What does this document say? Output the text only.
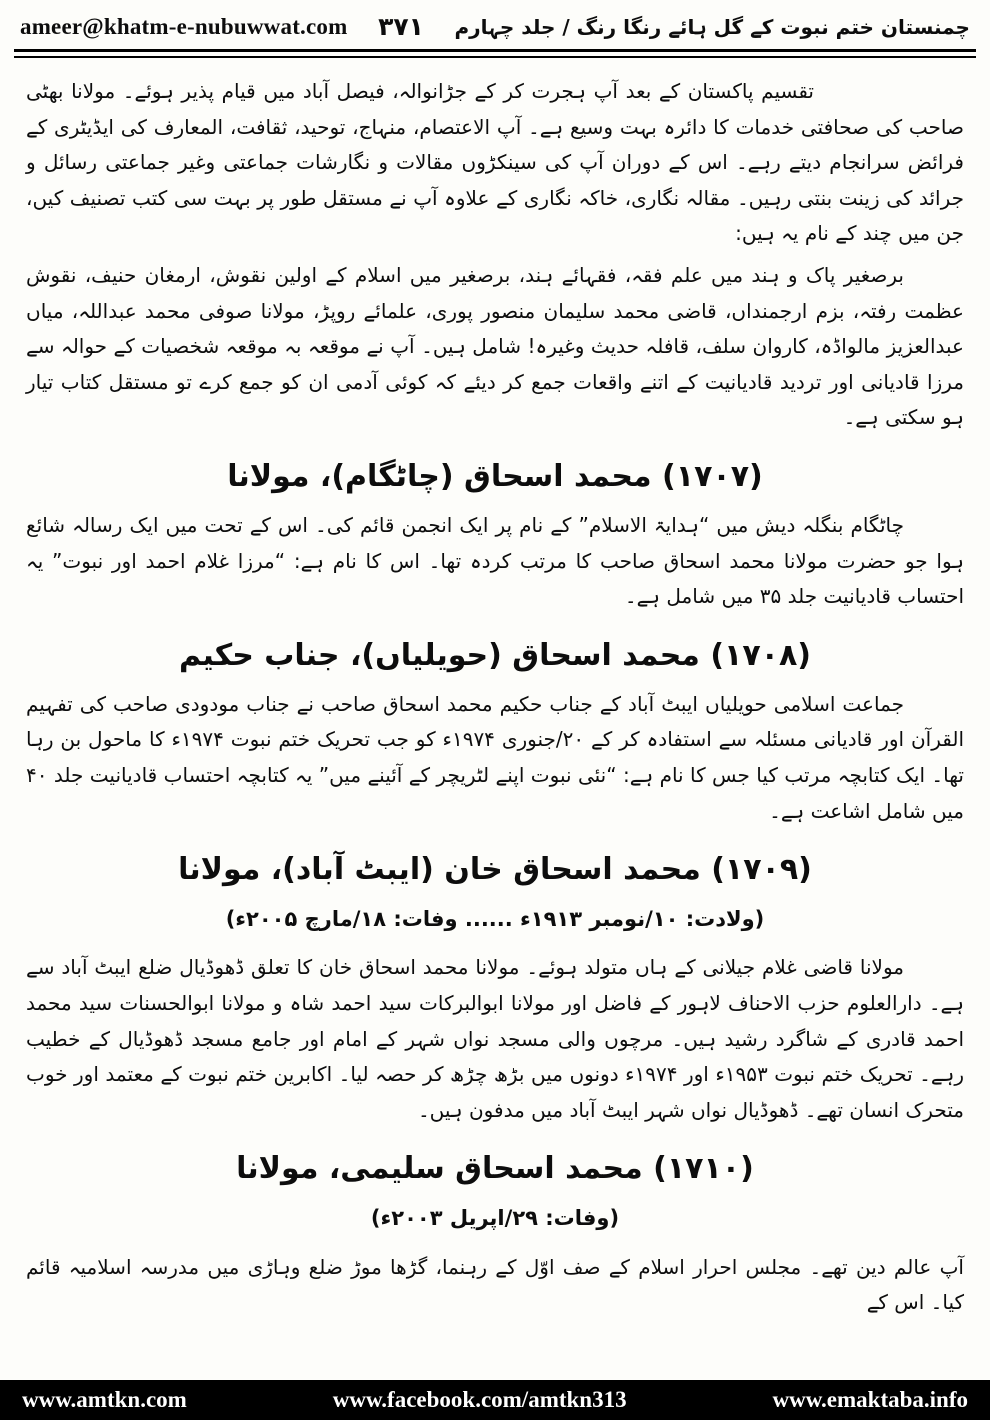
ameer@khatm-e-nubuwwat.com ۳۷۱ چمنستان ختم نبوت کے گل ہائے رنگا رنگ / جلد چہارم

تقسیم پاکستان کے بعد آپ ہجرت کر کے جڑانوالہ، فیصل آباد میں قیام پذیر ہوئے۔ مولانا بھٹی صاحب کی صحافتی خدمات کا دائرہ بہت وسیع ہے۔ آپ الاعتصام، منہاج، توحید، ثقافت، المعارف کی ایڈیٹری کے فرائض سرانجام دیتے رہے۔ اس کے دوران آپ کی سینکڑوں مقالات و نگارشات جماعتی وغیر جماعتی رسائل و جرائد کی زینت بنتی رہیں۔ مقالہ نگاری، خاکہ نگاری کے علاوہ آپ نے مستقل طور پر بہت سی کتب تصنیف کیں، جن میں چند کے نام یہ ہیں:

برصغیر پاک و ہند میں علم فقہ، فقہائے ہند، برصغیر میں اسلام کے اولین نقوش، ارمغان حنیف، نقوش عظمت رفتہ، بزم ارجمنداں، قاضی محمد سلیمان منصور پوری، علمائے روپڑ، مولانا صوفی محمد عبداللہ، میاں عبدالعزیز مالواڈہ، کاروان سلف، قافلہ حدیث وغیرہ! شامل ہیں۔ آپ نے موقعہ بہ موقعہ شخصیات کے حوالہ سے مرزا قادیانی اور تردید قادیانیت کے اتنے واقعات جمع کر دیئے کہ کوئی آدمی ان کو جمع کرے تو مستقل کتاب تیار ہو سکتی ہے۔

(۱۷۰۷) محمد اسحاق (چاٹگام)، مولانا

چاٹگام بنگلہ دیش میں “ہدایۃ الاسلام” کے نام پر ایک انجمن قائم کی۔ اس کے تحت میں ایک رسالہ شائع ہوا جو حضرت مولانا محمد اسحاق صاحب کا مرتب کردہ تھا۔ اس کا نام ہے: “مرزا غلام احمد اور نبوت” یہ احتساب قادیانیت جلد ۳۵ میں شامل ہے۔

(۱۷۰۸) محمد اسحاق (حویلیاں)، جناب حکیم

جماعت اسلامی حویلیاں ایبٹ آباد کے جناب حکیم محمد اسحاق صاحب نے جناب مودودی صاحب کی تفہیم القرآن اور قادیانی مسئلہ سے استفادہ کر کے ۲۰/جنوری ۱۹۷۴ء کو جب تحریک ختم نبوت ۱۹۷۴ء کا ماحول بن رہا تھا۔ ایک کتابچہ مرتب کیا جس کا نام ہے: “نئی نبوت اپنے لٹریچر کے آئینے میں” یہ کتابچہ احتساب قادیانیت جلد ۴۰ میں شامل اشاعت ہے۔

(۱۷۰۹) محمد اسحاق خان (ایبٹ آباد)، مولانا
(ولادت: ۱۰/نومبر ۱۹۱۳ء ...... وفات: ۱۸/مارچ ۲۰۰۵ء)

مولانا قاضی غلام جیلانی کے ہاں متولد ہوئے۔ مولانا محمد اسحاق خان کا تعلق ڈھوڈیال ضلع ایبٹ آباد سے ہے۔ دارالعلوم حزب الاحناف لاہور کے فاضل اور مولانا ابوالبرکات سید احمد شاہ و مولانا ابوالحسنات سید محمد احمد قادری کے شاگرد رشید ہیں۔ مرچوں والی مسجد نواں شہر کے امام اور جامع مسجد ڈھوڈیال کے خطیب رہے۔ تحریک ختم نبوت ۱۹۵۳ء اور ۱۹۷۴ء دونوں میں بڑھ چڑھ کر حصہ لیا۔ اکابرین ختم نبوت کے معتمد اور خوب متحرک انسان تھے۔ ڈھوڈیال نواں شہر ایبٹ آباد میں مدفون ہیں۔

(۱۷۱۰) محمد اسحاق سلیمی، مولانا
(وفات: ۲۹/اپریل ۲۰۰۳ء)

آپ عالم دین تھے۔ مجلس احرار اسلام کے صف اوّل کے رہنما، گڑھا موڑ ضلع وہاڑی میں مدرسہ اسلامیہ قائم کیا۔ اس کے

www.amtkn.com	www.facebook.com/amtkn313	www.emaktaba.info
